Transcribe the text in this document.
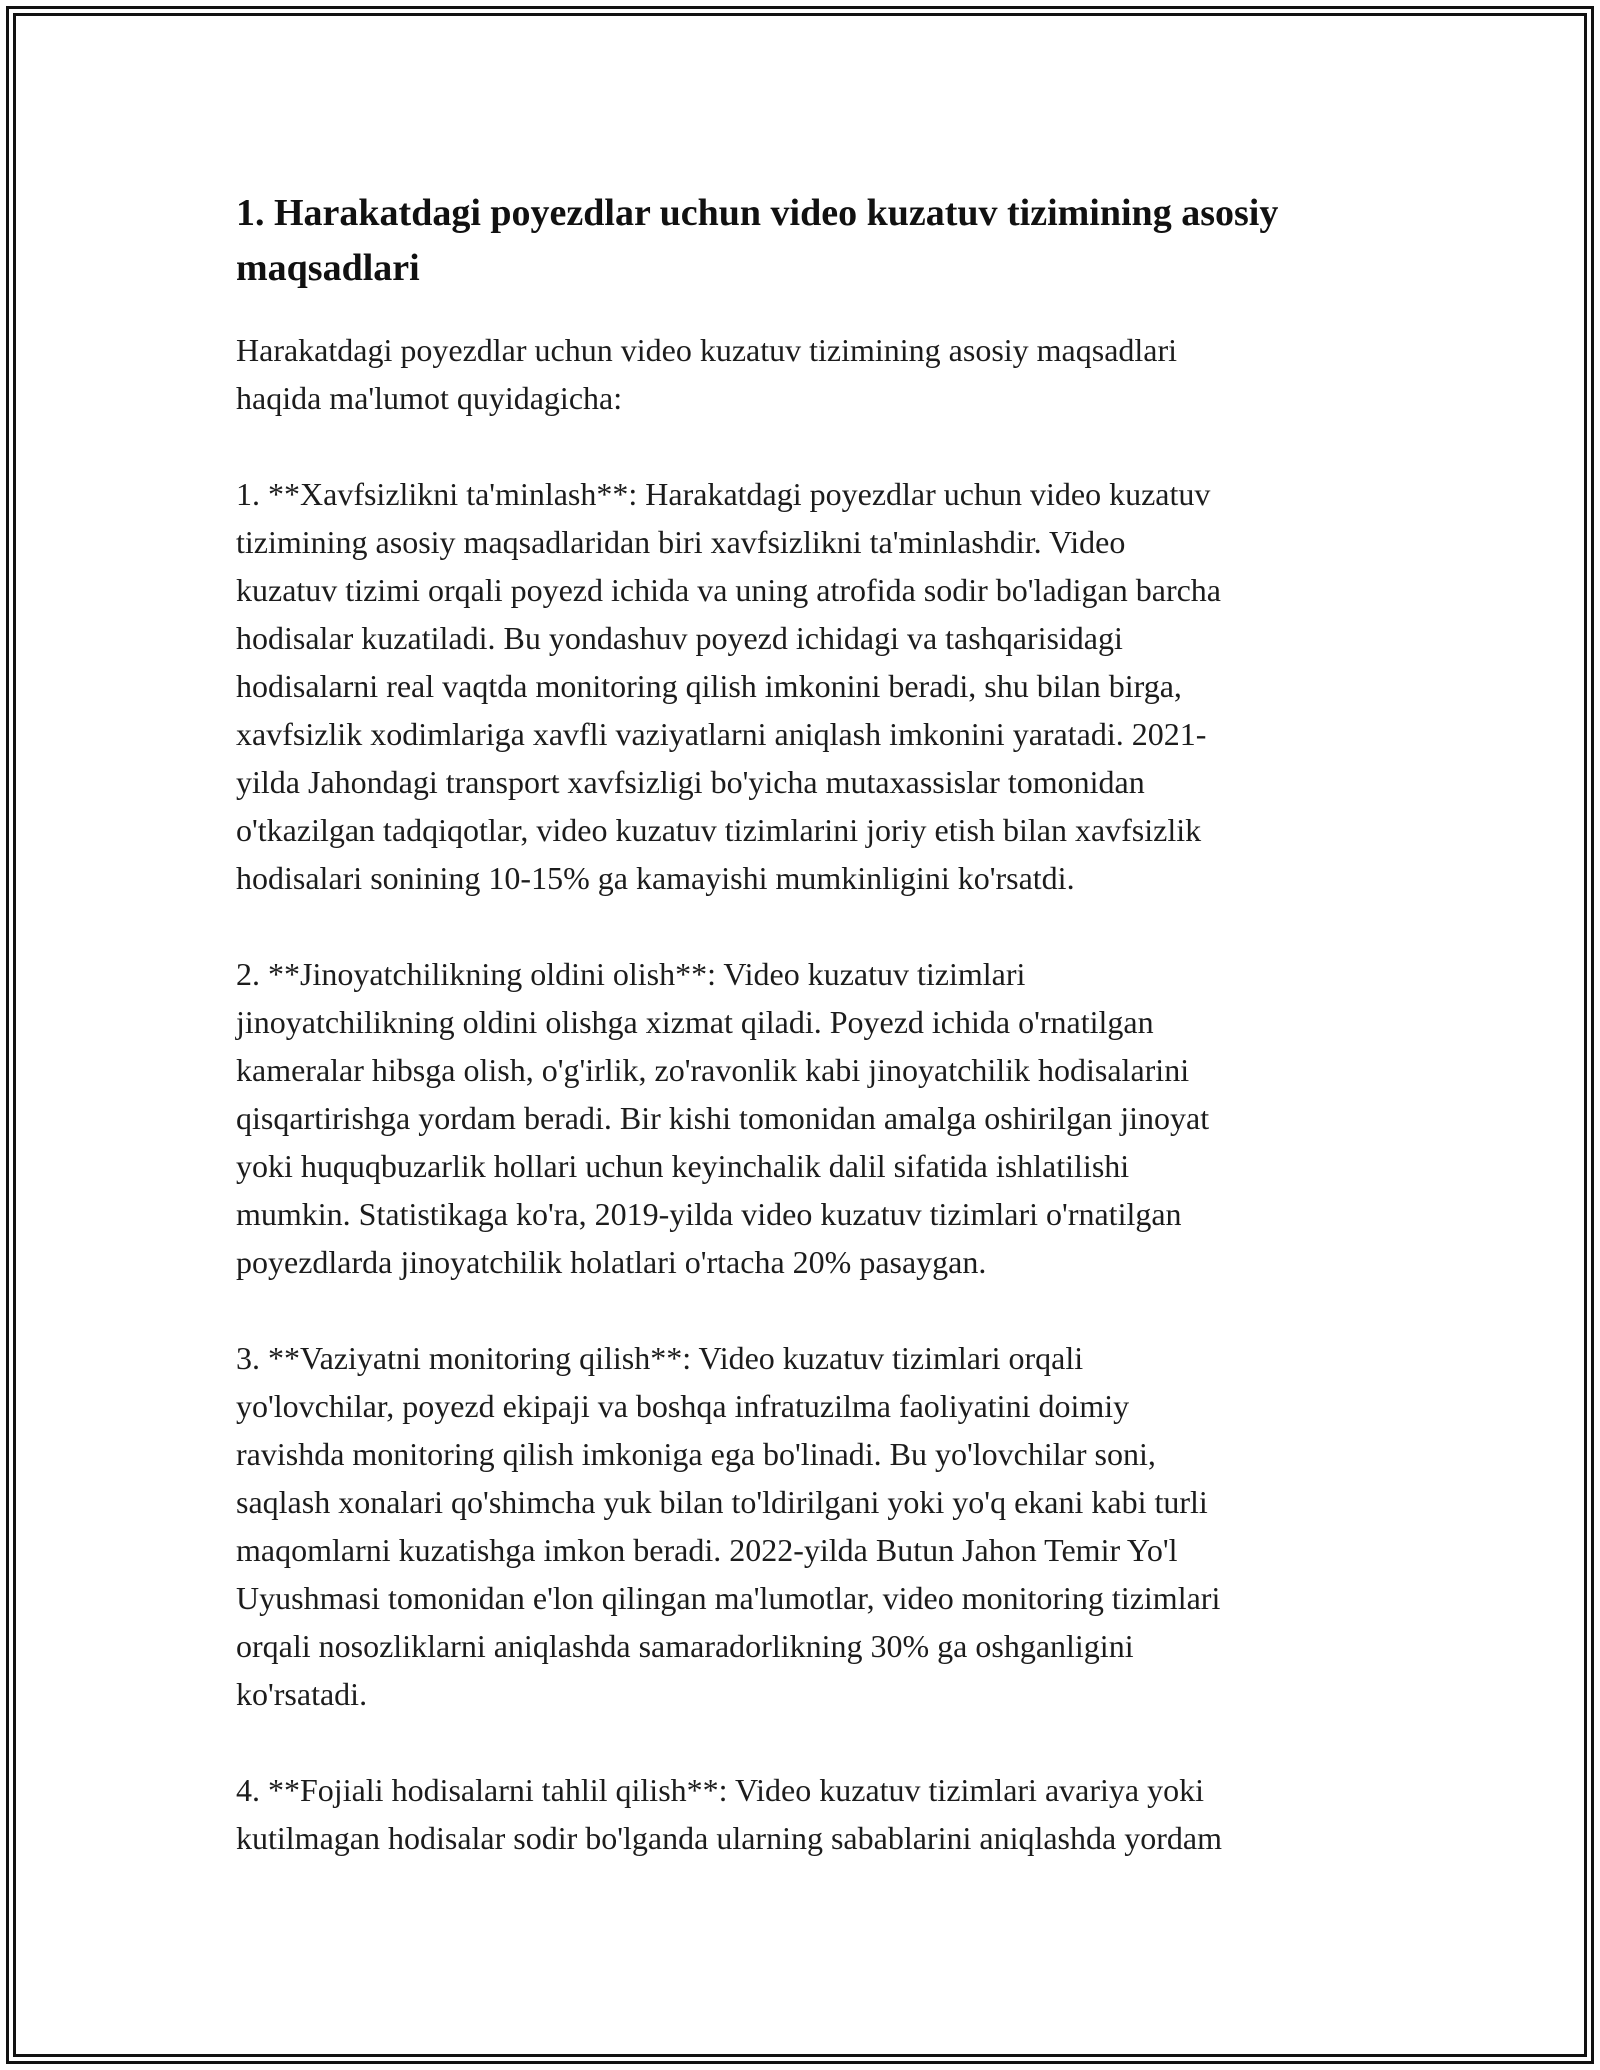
1. Harakatdagi poyezdlar uchun video kuzatuv tizimining asosiy maqsadlari

Harakatdagi poyezdlar uchun video kuzatuv tizimining asosiy maqsadlari
haqida ma'lumot quyidagicha:

1. **Xavfsizlikni ta'minlash**: Harakatdagi poyezdlar uchun video kuzatuv
tizimining asosiy maqsadlaridan biri xavfsizlikni ta'minlashdir. Video
kuzatuv tizimi orqali poyezd ichida va uning atrofida sodir bo'ladigan barcha
hodisalar kuzatiladi. Bu yondashuv poyezd ichidagi va tashqarisidagi
hodisalarni real vaqtda monitoring qilish imkonini beradi, shu bilan birga,
xavfsizlik xodimlariga xavfli vaziyatlarni aniqlash imkonini yaratadi. 2021-
yilda Jahondagi transport xavfsizligi bo'yicha mutaxassislar tomonidan
o'tkazilgan tadqiqotlar, video kuzatuv tizimlarini joriy etish bilan xavfsizlik
hodisalari sonining 10-15% ga kamayishi mumkinligini ko'rsatdi.

2. **Jinoyatchilikning oldini olish**: Video kuzatuv tizimlari
jinoyatchilikning oldini olishga xizmat qiladi. Poyezd ichida o'rnatilgan
kameralar hibsga olish, o'g'irlik, zo'ravonlik kabi jinoyatchilik hodisalarini
qisqartirishga yordam beradi. Bir kishi tomonidan amalga oshirilgan jinoyat
yoki huquqbuzarlik hollari uchun keyinchalik dalil sifatida ishlatilishi
mumkin. Statistikaga ko'ra, 2019-yilda video kuzatuv tizimlari o'rnatilgan
poyezdlarda jinoyatchilik holatlari o'rtacha 20% pasaygan.

3. **Vaziyatni monitoring qilish**: Video kuzatuv tizimlari orqali
yo'lovchilar, poyezd ekipaji va boshqa infratuzilma faoliyatini doimiy
ravishda monitoring qilish imkoniga ega bo'linadi. Bu yo'lovchilar soni,
saqlash xonalari qo'shimcha yuk bilan to'ldirilgani yoki yo'q ekani kabi turli
maqomlarni kuzatishga imkon beradi. 2022-yilda Butun Jahon Temir Yo'l
Uyushmasi tomonidan e'lon qilingan ma'lumotlar, video monitoring tizimlari
orqali nosozliklarni aniqlashda samaradorlikning 30% ga oshganligini
ko'rsatadi.

4. **Fojiali hodisalarni tahlil qilish**: Video kuzatuv tizimlari avariya yoki
kutilmagan hodisalar sodir bo'lganda ularning sabablarini aniqlashda yordam
